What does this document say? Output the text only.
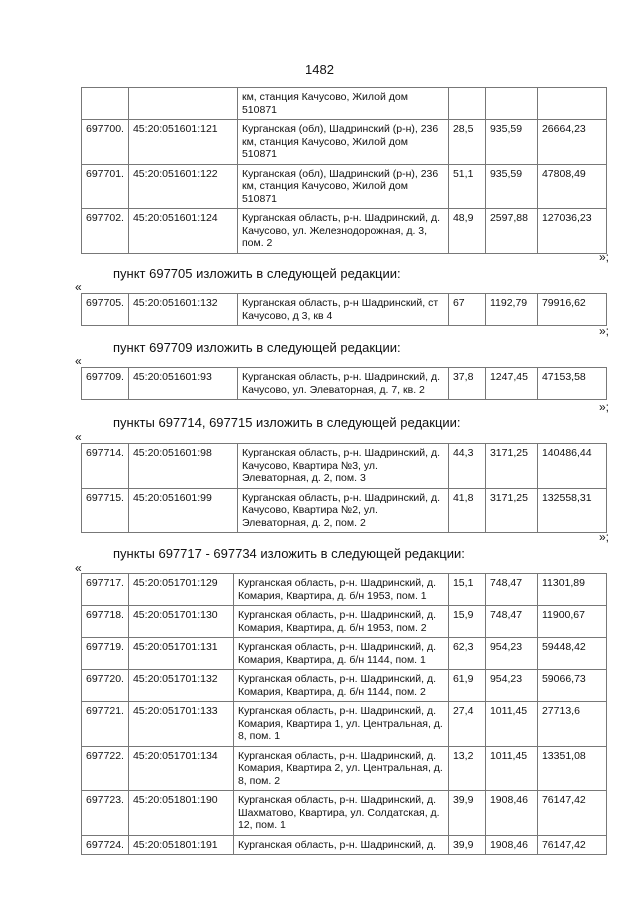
1482
		км, станция Качусово, Жилой дом 510871			
697700.	45:20:051601:121	Курганская (обл), Шадринский (р-н), 236 км, станция Качусово, Жилой дом 510871	28,5	935,59	26664,23
697701.	45:20:051601:122	Курганская (обл), Шадринский (р-н), 236 км, станция Качусово, Жилой дом 510871	51,1	935,59	47808,49
697702.	45:20:051601:124	Курганская область, р-н. Шадринский, д. Качусово, ул. Железнодорожная, д. 3, пом. 2	48,9	2597,88	127036,23
»;
пункт 697705 изложить в следующей редакции:
«
697705.	45:20:051601:132	Курганская область, р-н Шадринский, ст Качусово, д 3, кв 4	67	1192,79	79916,62
»;
пункт 697709 изложить в следующей редакции:
«
697709.	45:20:051601:93	Курганская область, р-н. Шадринский, д. Качусово, ул. Элеваторная, д. 7, кв. 2	37,8	1247,45	47153,58
»;
пункты 697714, 697715 изложить в следующей редакции:
«
697714.	45:20:051601:98	Курганская область, р-н. Шадринский, д. Качусово, Квартира №3, ул. Элеваторная, д. 2, пом. 3	44,3	3171,25	140486,44
697715.	45:20:051601:99	Курганская область, р-н. Шадринский, д. Качусово, Квартира №2, ул. Элеваторная, д. 2, пом. 2	41,8	3171,25	132558,31
»;
пункты 697717 - 697734 изложить в следующей редакции:
«
697717.	45:20:051701:129	Курганская область, р-н. Шадринский, д. Комария, Квартира, д. б/н 1953, пом. 1	15,1	748,47	11301,89
697718.	45:20:051701:130	Курганская область, р-н. Шадринский, д. Комария, Квартира, д. б/н 1953, пом. 2	15,9	748,47	11900,67
697719.	45:20:051701:131	Курганская область, р-н. Шадринский, д. Комария, Квартира, д. б/н 1144, пом. 1	62,3	954,23	59448,42
697720.	45:20:051701:132	Курганская область, р-н. Шадринский, д. Комария, Квартира, д. б/н 1144, пом. 2	61,9	954,23	59066,73
697721.	45:20:051701:133	Курганская область, р-н. Шадринский, д. Комария, Квартира 1, ул. Центральная, д. 8, пом. 1	27,4	1011,45	27713,6
697722.	45:20:051701:134	Курганская область, р-н. Шадринский, д. Комария, Квартира 2, ул. Центральная, д. 8, пом. 2	13,2	1011,45	13351,08
697723.	45:20:051801:190	Курганская область, р-н. Шадринский, д. Шахматово, Квартира, ул. Солдатская, д. 12, пом. 1	39,9	1908,46	76147,42
697724.	45:20:051801:191	Курганская область, р-н. Шадринский, д.	39,9	1908,46	76147,42
